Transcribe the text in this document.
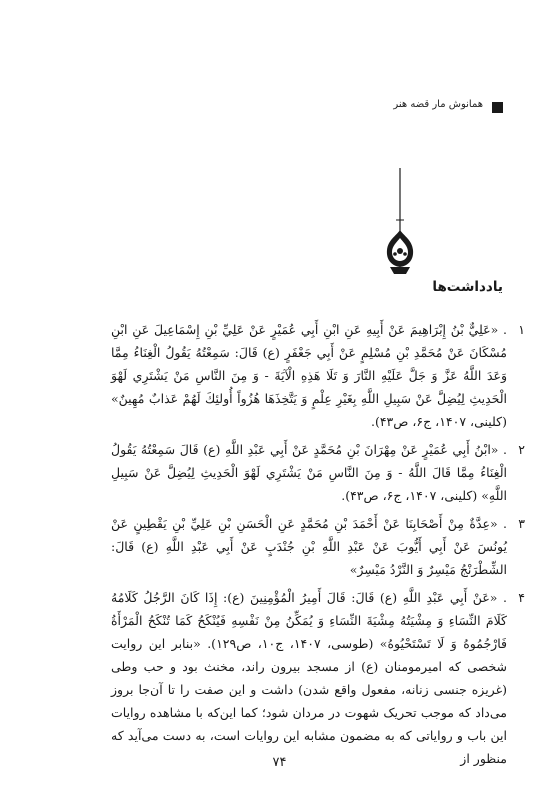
همانوش مار قضه هنر
یادداشت‌ها
۱
. «عَلِيٌّ بْنُ إِبْرَاهِيمَ عَنْ أَبِيهِ عَنِ ابْنِ أَبِي عُمَيْرٍ عَنْ عَلِيِّ بْنِ إِسْمَاعِيلَ عَنِ ابْنِ مُسْكَانَ عَنْ مُحَمَّدِ بْنِ مُسْلِمٍ عَنْ أَبِي جَعْفَرٍ (ع) قَالَ: سَمِعْتُهُ يَقُولُ الْغِنَاءُ مِمَّا وَعَدَ اللَّهُ عَزَّ وَ جَلَّ عَلَيْهِ النَّارَ وَ تَلَا هَذِهِ الْآيَةَ - وَ مِنَ النَّاسِ مَنْ يَشْتَرِي لَهْوَ الْحَدِيثِ لِيُضِلَّ عَنْ سَبِيلِ اللَّهِ بِغَيْرِ عِلْمٍ وَ يَتَّخِذَهَا هُزُواً أُولئِكَ لَهُمْ عَذابٌ مُهِينٌ» (کلینی، ۱۴۰۷، ج۶، ص۴۳).
۲
. «ابْنُ أَبِي عُمَيْرٍ عَنْ مِهْرَانَ بْنِ مُحَمَّدٍ عَنْ أَبِي عَبْدِ اللَّهِ (ع) قَالَ سَمِعْتُهُ يَقُولُ الْغِنَاءُ مِمَّا قَالَ اللَّهُ - وَ مِنَ النَّاسِ مَنْ يَشْتَرِي لَهْوَ الْحَدِيثِ لِيُضِلَّ عَنْ سَبِيلِ اللَّهِ» (کلینی، ۱۴۰۷، ج۶، ص۴۳).
۳
. «عِدَّةٌ مِنْ أَصْحَابِنَا عَنْ أَحْمَدَ بْنِ مُحَمَّدٍ عَنِ الْحَسَنِ بْنِ عَلِيِّ بْنِ يَقْطِينٍ عَنْ يُونُسَ عَنْ أَبِي أَيُّوبَ عَنْ عَبْدِ اللَّهِ بْنِ جُنْدَبٍ عَنْ أَبِي عَبْدِ اللَّهِ (ع) قَالَ: الشِّطْرَنْجُ مَيْسِرٌ وَ النَّرْدُ مَيْسِرٌ»
۴
. «عَنْ أَبِي عَبْدِ اللَّهِ (ع) قَالَ: قَالَ أَمِيرُ الْمُؤْمِنِينَ (ع): إِذَا كَانَ الرَّجُلُ كَلَامُهُ كَلَامَ النِّسَاءِ وَ مِشْيَتُهُ مِشْيَةَ النِّسَاءِ وَ يُمَكِّنُ مِنْ نَفْسِهِ فَيُنْكَحُ كَمَا تُنْكَحُ الْمَرْأَةُ فَارْجُمُوهُ وَ لَا تَسْتَحْيُوهُ» (طوسی، ۱۴۰۷، ج۱۰، ص۱۲۹). «بنابر این روایت شخصی که امیرمومنان (ع) از مسجد بیرون راند، مخنث بود و حب وطی (غریزه جنسی زنانه، مفعول واقع شدن) داشت و این صفت را تا آن‌جا بروز می‌داد که موجب تحریک شهوت در مردان شود؛ کما این‌که با مشاهده روایات این باب و روایاتی که به مضمون مشابه این روایات است، به دست می‌آید که منظور از
۷۴
